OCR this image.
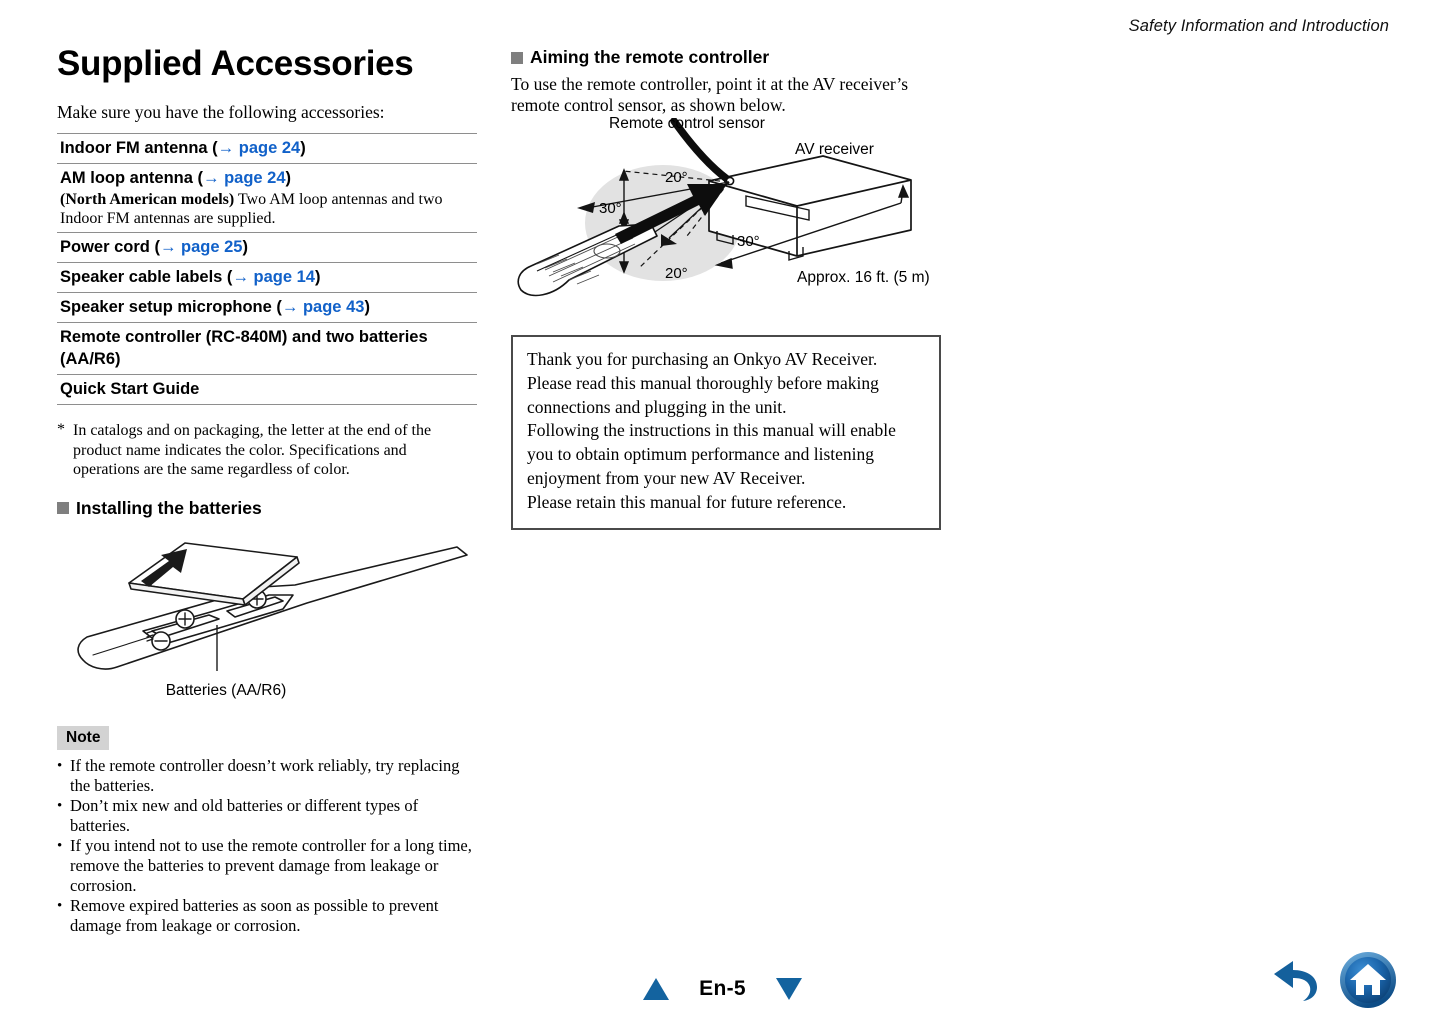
Safety Information and Introduction
Supplied Accessories

Make sure you have the following accessories:

Indoor FM antenna (→ page 24)
AM loop antenna (→ page 24)
(North American models) Two AM loop antennas and two Indoor FM antennas are supplied.
Power cord (→ page 25)
Speaker cable labels (→ page 14)
Speaker setup microphone (→ page 43)
Remote controller (RC-840M) and two batteries (AA/R6)
Quick Start Guide
* In catalogs and on packaging, the letter at the end of the product name indicates the color. Specifications and operations are the same regardless of color.
Installing the batteries
Batteries (AA/R6)
Note
• If the remote controller doesn’t work reliably, try replacing the batteries.
• Don’t mix new and old batteries or different types of batteries.
• If you intend not to use the remote controller for a long time, remove the batteries to prevent damage from leakage or corrosion.
• Remove expired batteries as soon as possible to prevent damage from leakage or corrosion.
Aiming the remote controller

To use the remote controller, point it at the AV receiver’s remote control sensor, as shown below.

Remote control sensor
AV receiver
20°
30°
30°
20°	Approx. 16 ft. (5 m)

Thank you for purchasing an Onkyo AV Receiver.

Please read this manual thoroughly before making connections and plugging in the unit.

Following the instructions in this manual will enable you to obtain optimum performance and listening enjoyment from your new AV Receiver.

Please retain this manual for future reference.

En-5
